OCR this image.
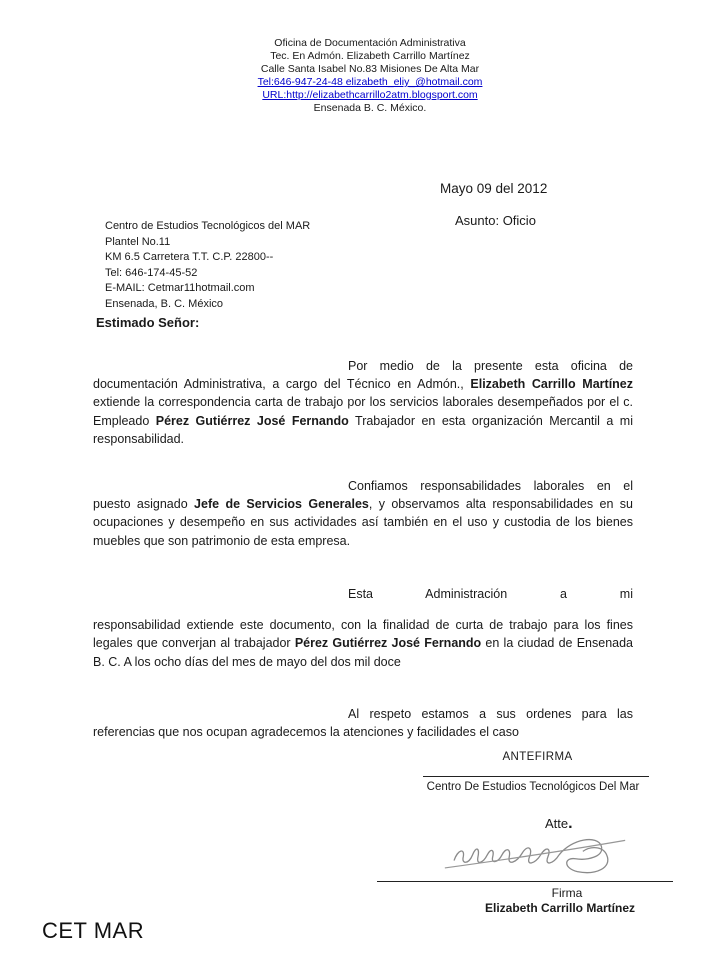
Oficina de Documentación Administrativa
Tec. En Admón. Elizabeth Carrillo Martínez
Calle Santa Isabel No.83 Misiones De Alta Mar
Tel:646-947-24-48 elizabeth_eliy_@hotmail.com
URL:http://elizabethcarrillo2atm.blogsport.com
Ensenada B. C. México.
Mayo 09 del 2012
Asunto: Oficio
Centro de Estudios Tecnológicos del MAR
Plantel No.11
KM 6.5 Carretera T.T. C.P. 22800--
Tel: 646-174-45-52
E-MAIL: Cetmar11hotmail.com
Ensenada, B. C. México
Estimado Señor:

Por medio de la presente esta oficina de documentación Administrativa, a cargo del Técnico en Admón., Elizabeth Carrillo Martínez extiende la correspondencia carta de trabajo por los servicios laborales desempeñados por el c. Empleado Pérez Gutiérrez José Fernando Trabajador en esta organización Mercantil a mi responsabilidad.

Confiamos responsabilidades laborales en el puesto asignado Jefe de Servicios Generales, y observamos alta responsabilidades en su ocupaciones y desempeño en sus actividades así también en el uso y custodia de los bienes muebles que son patrimonio de esta empresa.

Esta Administración a mi

responsabilidad extiende este documento, con la finalidad de curta de trabajo para los fines legales que converjan al trabajador Pérez Gutiérrez José Fernando en la ciudad de Ensenada B. C. A los ocho días del mes de mayo del dos mil doce

Al respeto estamos a sus ordenes para las referencias que nos ocupan agradecemos la atenciones y facilidades el caso

ANTEFIRMA
Centro De Estudios Tecnológicos Del Mar
Atte.
Firma
Elizabeth Carrillo Martínez
CET MAR
